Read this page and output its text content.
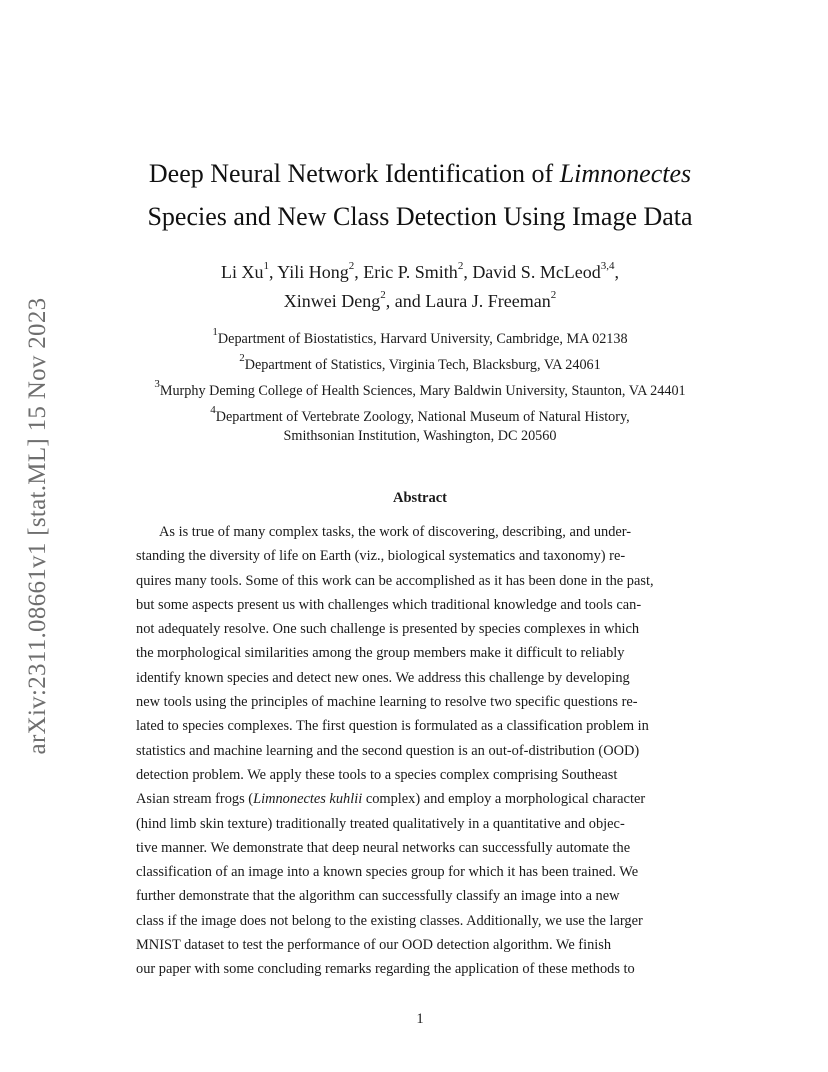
arXiv:2311.08661v1 [stat.ML] 15 Nov 2023
Deep Neural Network Identification of Limnonectes
Species and New Class Detection Using Image Data
Li Xu$^1$, Yili Hong$^2$, Eric P. Smith$^2$, David S. McLeod$^{3,4}$,
Xinwei Deng$^2$, and Laura J. Freeman$^2$
$^1$Department of Biostatistics, Harvard University, Cambridge, MA 02138
$^2$Department of Statistics, Virginia Tech, Blacksburg, VA 24061
$^3$Murphy Deming College of Health Sciences, Mary Baldwin University, Staunton, VA 24401
$^4$Department of Vertebrate Zoology, National Museum of Natural History,
Smithsonian Institution, Washington, DC 20560
Abstract
As is true of many complex tasks, the work of discovering, describing, and under-
standing the diversity of life on Earth (viz., biological systematics and taxonomy) re-
quires many tools. Some of this work can be accomplished as it has been done in the past,
but some aspects present us with challenges which traditional knowledge and tools can-
not adequately resolve. One such challenge is presented by species complexes in which
the morphological similarities among the group members make it difficult to reliably
identify known species and detect new ones. We address this challenge by developing
new tools using the principles of machine learning to resolve two specific questions re-
lated to species complexes. The first question is formulated as a classification problem in
statistics and machine learning and the second question is an out-of-distribution (OOD)
detection problem. We apply these tools to a species complex comprising Southeast
Asian stream frogs (Limnonectes kuhlii complex) and employ a morphological character
(hind limb skin texture) traditionally treated qualitatively in a quantitative and objec-
tive manner. We demonstrate that deep neural networks can successfully automate the
classification of an image into a known species group for which it has been trained. We
further demonstrate that the algorithm can successfully classify an image into a new
class if the image does not belong to the existing classes. Additionally, we use the larger
MNIST dataset to test the performance of our OOD detection algorithm. We finish
our paper with some concluding remarks regarding the application of these methods to
1
